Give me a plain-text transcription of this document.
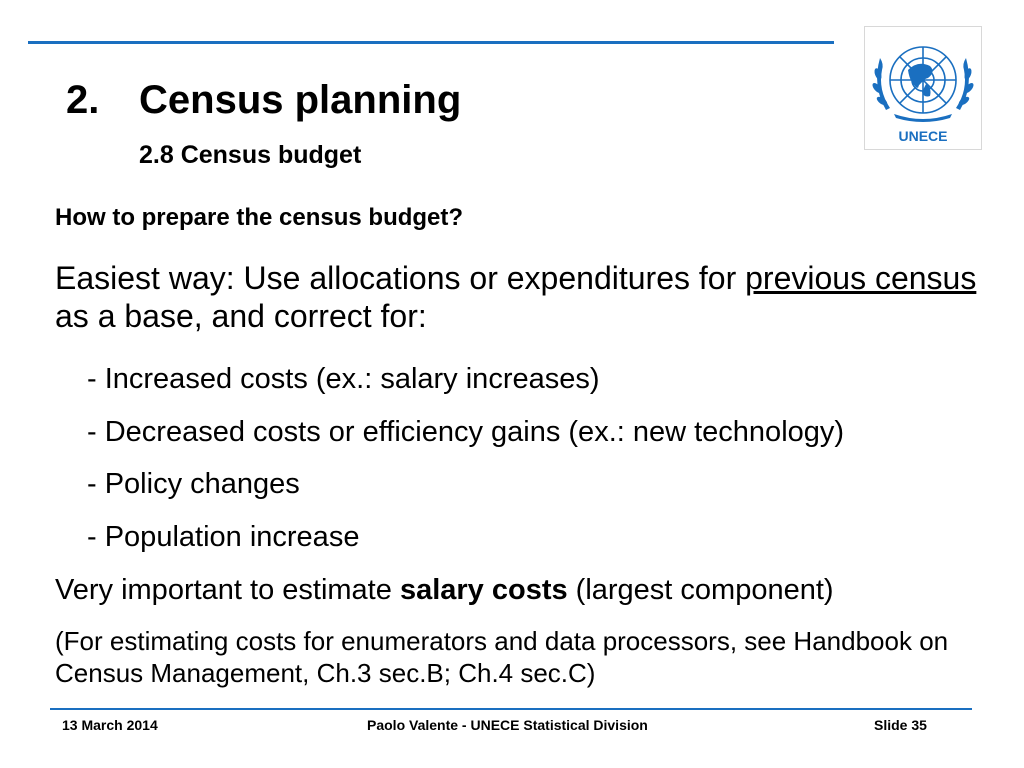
UNECE
2. Census planning
2.8 Census budget
How to prepare the census budget?
Easiest way: Use allocations or expenditures for previous census as a base, and correct for:
- Increased costs (ex.: salary increases)
- Decreased costs or efficiency gains (ex.: new technology)
- Policy changes
- Population increase
Very important to estimate salary costs (largest component)
(For estimating costs for enumerators and data processors, see Handbook on Census Management, Ch.3 sec.B; Ch.4 sec.C)
13 March 2014	Paolo Valente - UNECE Statistical Division	Slide 35
